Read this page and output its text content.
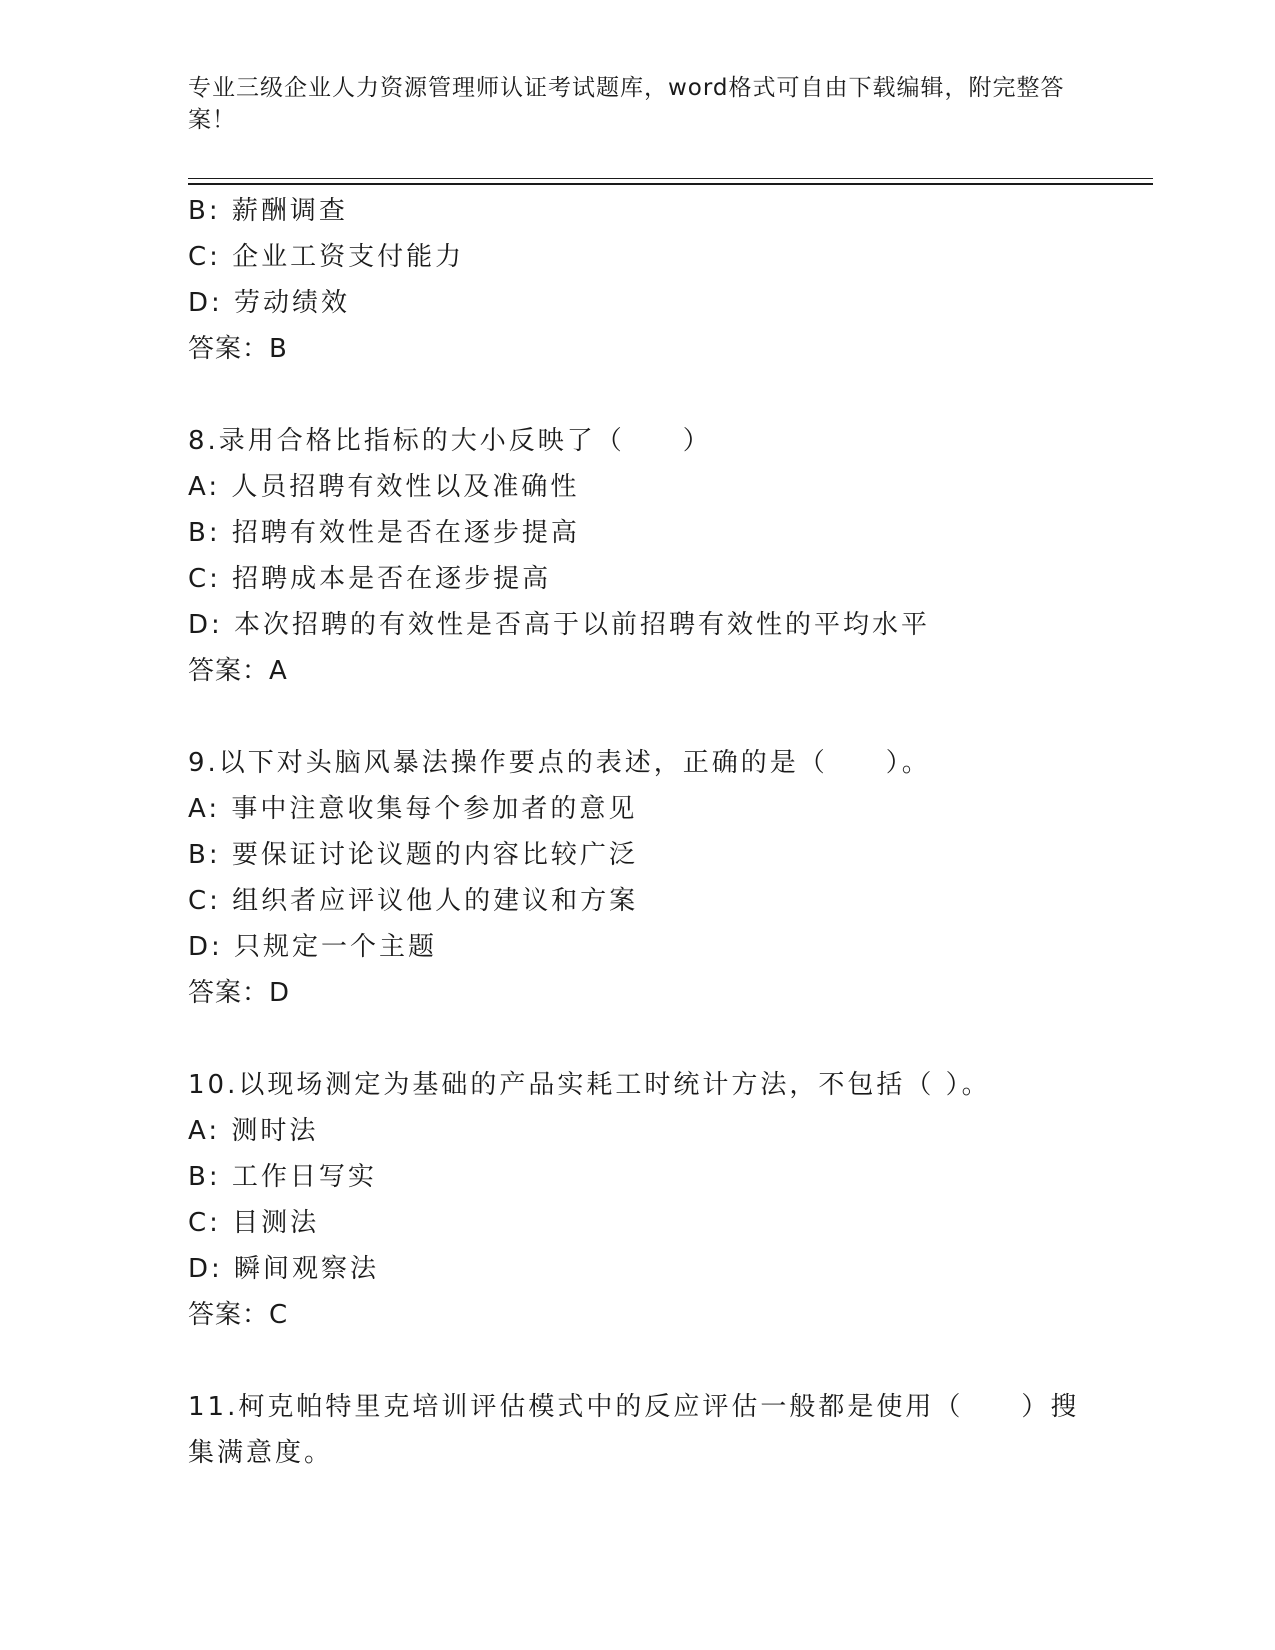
专业三级企业人力资源管理师认证考试题库，word格式可自由下载编辑，附完整答案！
B: 薪酬调查
C: 企业工资支付能力
D: 劳动绩效
答案：B
8.录用合格比指标的大小反映了（　　）
A: 人员招聘有效性以及准确性
B: 招聘有效性是否在逐步提高
C: 招聘成本是否在逐步提高
D: 本次招聘的有效性是否高于以前招聘有效性的平均水平
答案：A
9.以下对头脑风暴法操作要点的表述，正确的是（　　）。
A: 事中注意收集每个参加者的意见
B: 要保证讨论议题的内容比较广泛
C: 组织者应评议他人的建议和方案
D: 只规定一个主题
答案：D
10.以现场测定为基础的产品实耗工时统计方法，不包括（ ）。
A: 测时法
B: 工作日写实
C: 目测法
D: 瞬间观察法
答案：C
11.柯克帕特里克培训评估模式中的反应评估一般都是使用（　　）搜集满意度。
